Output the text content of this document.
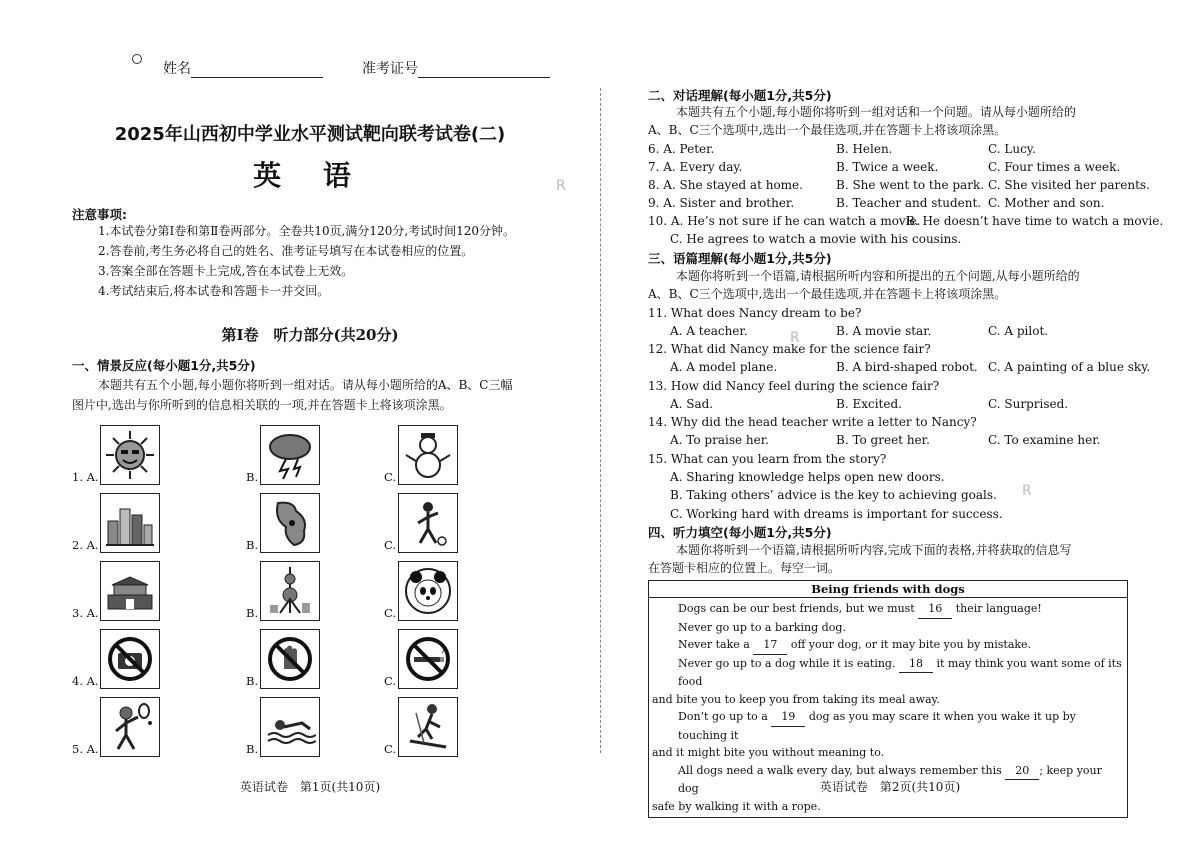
姓名	准考证号
2025年山西初中学业水平测试靶向联考试卷(二)
英 语
注意事项:
1.本试卷分第Ⅰ卷和第Ⅱ卷两部分。全卷共10页,满分120分,考试时间120分钟。
2.答卷前,考生务必将自己的姓名、准考证号填写在本试卷相应的位置。
3.答案全部在答题卡上完成,答在本试卷上无效。
4.考试结束后,将本试卷和答题卡一并交回。
第Ⅰ卷　听力部分(共20分)
一、情景反应(每小题1分,共5分)
本题共有五个小题,每小题你将听到一组对话。请从每小题所给的A、B、C三幅
图片中,选出与你所听到的信息相关联的一项,并在答题卡上将该项涂黑。
1. A.	B.	C.
2. A.	B.	C.
3. A.	B.	C.
4. A.	B.	C.
5. A.	B.	C.
英语试卷　第1页(共10页)
R
二、对话理解(每小题1分,共5分)
本题共有五个小题,每小题你将听到一组对话和一个问题。请从每小题所给的
A、B、C三个选项中,选出一个最佳选项,并在答题卡上将该项涂黑。
6. A. Peter.	B. Helen.	C. Lucy.
7. A. Every day.	B. Twice a week.	C. Four times a week.
8. A. She stayed at home.	B. She went to the park. C. She visited her parents.
9. A. Sister and brother.	B. Teacher and student. C. Mother and son.
10. A. He’s not sure if he can watch a movie.
B. He doesn’t have time to watch a movie.
C. He agrees to watch a movie with his cousins.
三、语篇理解(每小题1分,共5分)
本题你将听到一个语篇,请根据所听内容和所提出的五个问题,从每小题所给的
A、B、C三个选项中,选出一个最佳选项,并在答题卡上将该项涂黑。
11. What does Nancy dream to be?
A. A teacher.	B. A movie star.	C. A pilot.
12. What did Nancy make for the science fair?
A. A model plane.	B. A bird-shaped robot. C. A painting of a blue sky.
13. How did Nancy feel during the science fair?
A. Sad.	B. Excited.	C. Surprised.
14. Why did the head teacher write a letter to Nancy?
A. To praise her.	B. To greet her.	C. To examine her.
15. What can you learn from the story?
A. Sharing knowledge helps open new doors.
B. Taking others’ advice is the key to achieving goals.
C. Working hard with dreams is important for success.
四、听力填空(每小题1分,共5分)
本题你将听到一个语篇,请根据所听内容,完成下面的表格,并将获取的信息写
在答题卡相应的位置上。每空一词。
Being friends with dogs

Dogs can be our best friends, but we must 16 their language!
Never go up to a barking dog.
Never take a 17 off your dog, or it may bite you by mistake.
Never go up to a dog while it is eating. 18 it may think you want some of its food
and bite you to keep you from taking its meal away.
Don’t go up to a 19 dog as you may scare it when you wake it up by touching it
and it might bite you without meaning to.
All dogs need a walk every day, but always remember this 20 ; keep your dog
safe by walking it with a rope.
英语试卷　第2页(共10页)
R
R
